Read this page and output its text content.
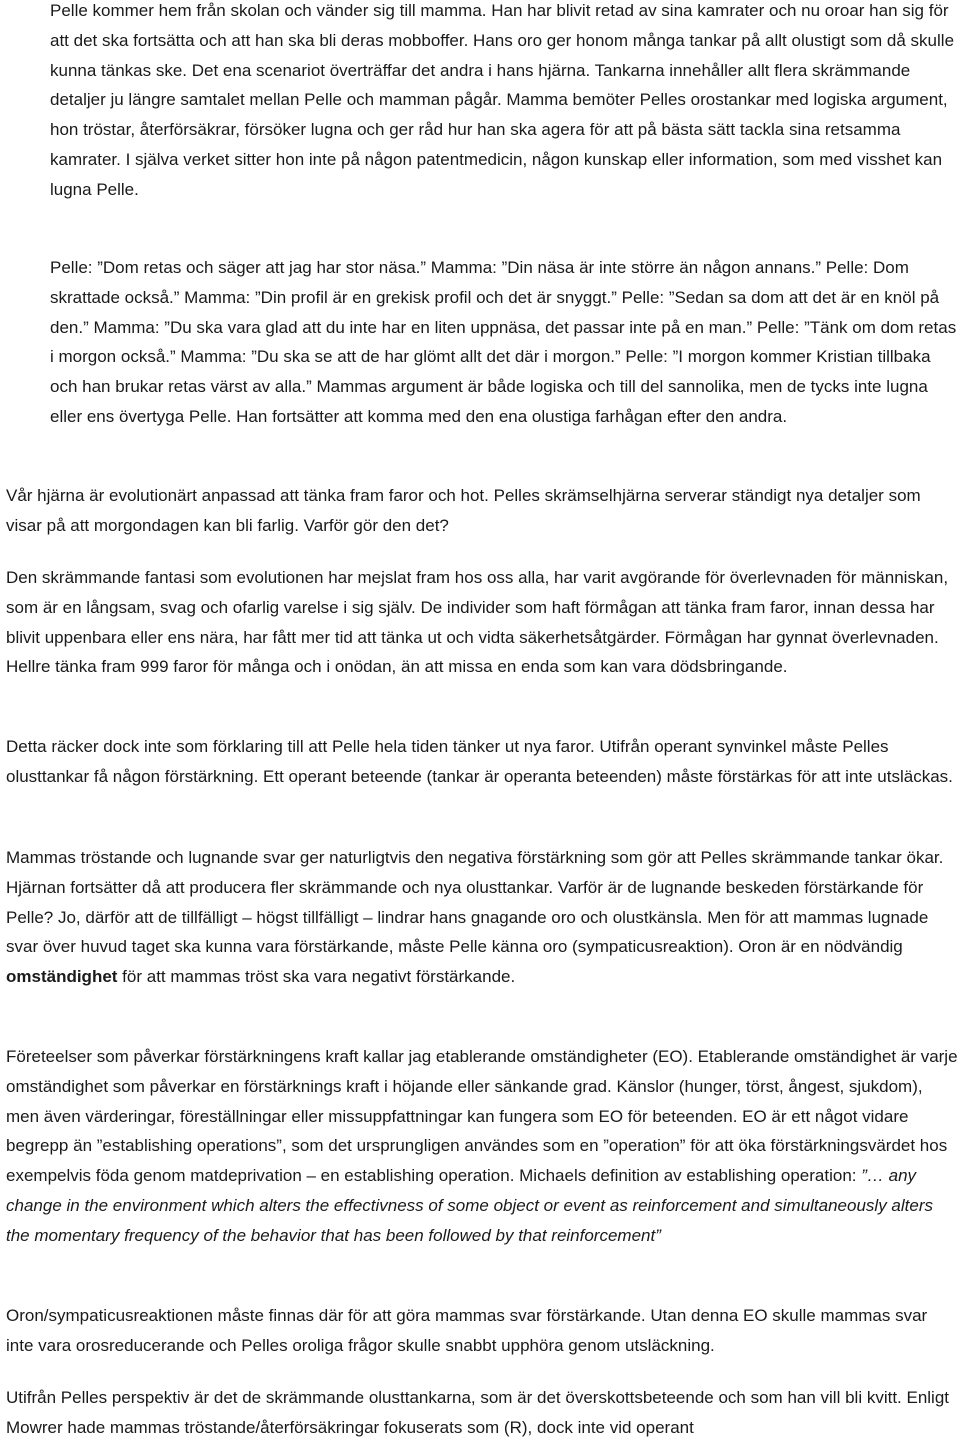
Pelle kommer hem från skolan och vänder sig till mamma. Han har blivit retad av sina kamrater och nu oroar han sig för att det ska fortsätta och att han ska bli deras mobboffer. Hans oro ger honom många tankar på allt olustigt som då skulle kunna tänkas ske. Det ena scenariot överträffar det andra i hans hjärna. Tankarna innehåller allt flera skrämmande detaljer ju längre samtalet mellan Pelle och mamman pågår. Mamma bemöter Pelles orostankar med logiska argument, hon tröstar, återförsäkrar, försöker lugna och ger råd hur han ska agera för att på bästa sätt tackla sina retsamma kamrater. I själva verket sitter hon inte på någon patentmedicin, någon kunskap eller information, som med visshet kan lugna Pelle.

Pelle: ”Dom retas och säger att jag har stor näsa.” Mamma: ”Din näsa är inte större än någon annans.” Pelle: Dom skrattade också.” Mamma: ”Din profil är en grekisk profil och det är snyggt.” Pelle: ”Sedan sa dom att det är en knöl på den.” Mamma: ”Du ska vara glad att du inte har en liten uppnäsa, det passar inte på en man.” Pelle: ”Tänk om dom retas i morgon också.” Mamma: ”Du ska se att de har glömt allt det där i morgon.” Pelle: ”I morgon kommer Kristian tillbaka och han brukar retas värst av alla.” Mammas argument är både logiska och till del sannolika, men de tycks inte lugna eller ens övertyga Pelle. Han fortsätter att komma med den ena olustiga farhågan efter den andra.

Vår hjärna är evolutionärt anpassad att tänka fram faror och hot. Pelles skrämselhjärna serverar ständigt nya detaljer som visar på att morgondagen kan bli farlig. Varför gör den det?

Den skrämmande fantasi som evolutionen har mejslat fram hos oss alla, har varit avgörande för överlevnaden för människan, som är en långsam, svag och ofarlig varelse i sig själv. De individer som haft förmågan att tänka fram faror, innan dessa har blivit uppenbara eller ens nära, har fått mer tid att tänka ut och vidta säkerhetsåtgärder. Förmågan har gynnat överlevnaden. Hellre tänka fram 999 faror för många och i onödan, än att missa en enda som kan vara dödsbringande.

Detta räcker dock inte som förklaring till att Pelle hela tiden tänker ut nya faror. Utifrån operant synvinkel måste Pelles olusttankar få någon förstärkning. Ett operant beteende (tankar är operanta beteenden) måste förstärkas för att inte utsläckas.

Mammas tröstande och lugnande svar ger naturligtvis den negativa förstärkning som gör att Pelles skrämmande tankar ökar. Hjärnan fortsätter då att producera fler skrämmande och nya olusttankar. Varför är de lugnande beskeden förstärkande för Pelle? Jo, därför att de tillfälligt – högst tillfälligt – lindrar hans gnagande oro och olustkänsla. Men för att mammas lugnade svar över huvud taget ska kunna vara förstärkande, måste Pelle känna oro (sympaticusreaktion). Oron är en nödvändig omständighet för att mammas tröst ska vara negativt förstärkande.

Företeelser som påverkar förstärkningens kraft kallar jag etablerande omständigheter (EO). Etablerande omständighet är varje omständighet som påverkar en förstärknings kraft i höjande eller sänkande grad. Känslor (hunger, törst, ångest, sjukdom), men även värderingar, föreställningar eller missuppfattningar kan fungera som EO för beteenden. EO är ett något vidare begrepp än ”establishing operations”, som det ursprungligen användes som en ”operation” för att öka förstärkningsvärdet hos exempelvis föda genom matdeprivation – en establishing operation. Michaels definition av establishing operation: ”… any change in the environment which alters the effectivness of some object or event as reinforcement and simultaneously alters the momentary frequency of the behavior that has been followed by that reinforcement”

Oron/sympaticusreaktionen måste finnas där för att göra mammas svar förstärkande. Utan denna EO skulle mammas svar inte vara orosreducerande och Pelles oroliga frågor skulle snabbt upphöra genom utsläckning.

Utifrån Pelles perspektiv är det de skrämmande olusttankarna, som är det överskottsbeteende och som han vill bli kvitt. Enligt Mowrer hade mammas tröstande/återförsäkringar fokuserats som (R), dock inte vid operant
